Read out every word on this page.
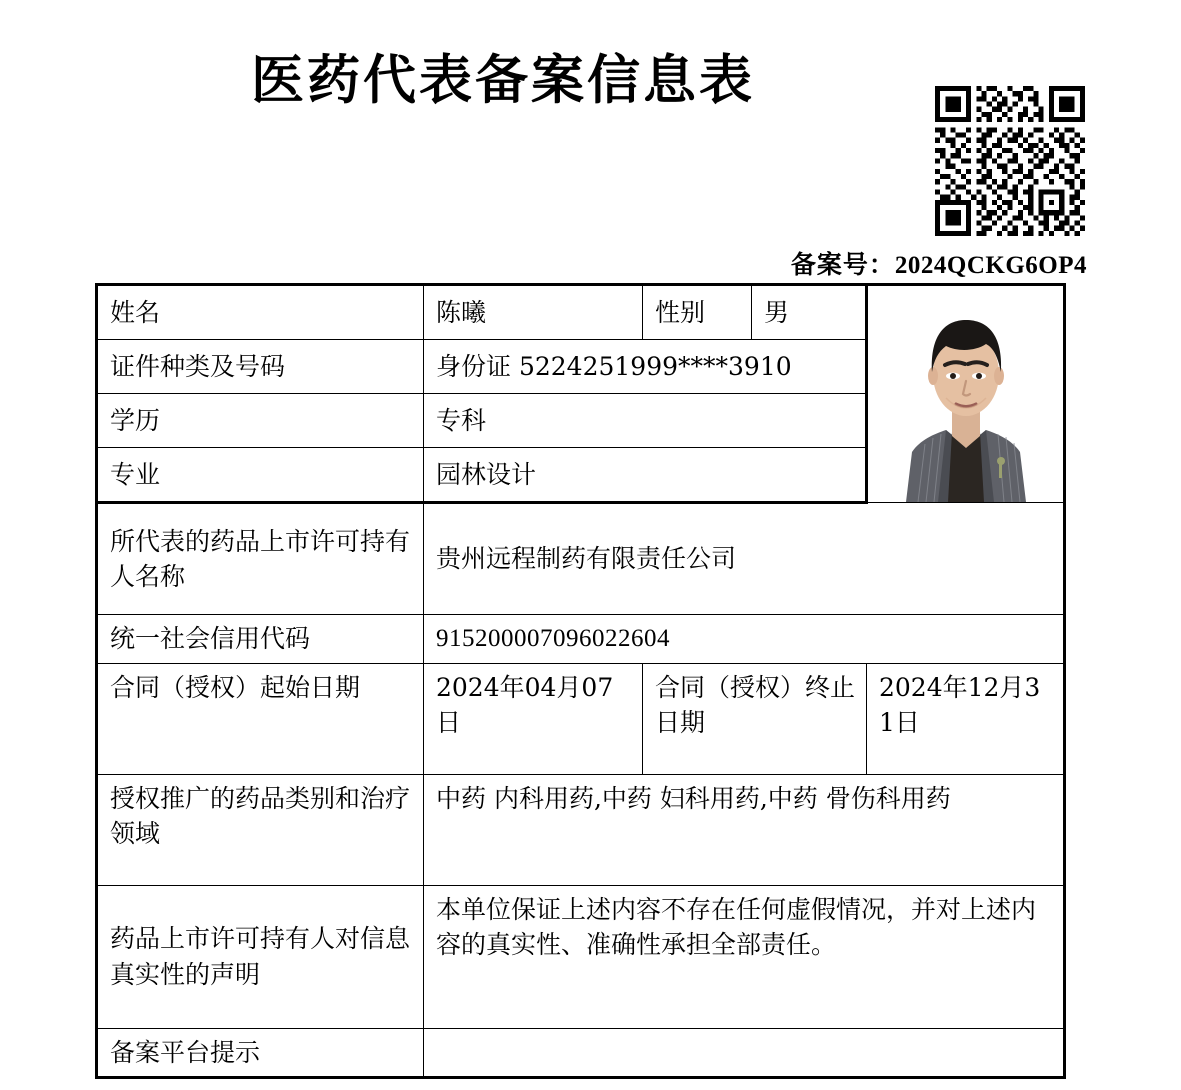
医药代表备案信息表
备案号：2024QCKG6OP4
姓名	陈曦	性别	男	

证件种类及号码	身份证 5224251999****3910			
学历	专科			
专业	园林设计			
所代表的药品上市许可持有人名称	贵州远程制药有限责任公司			
统一社会信用代码	915200007096022604			
合同（授权）起始日期	2024年04月07日	合同（授权）终止日期		2024年12月31日
授权推广的药品类别和治疗领域	中药 内科用药,中药 妇科用药,中药 骨伤科用药			
药品上市许可持有人对信息真实性的声明	本单位保证上述内容不存在任何虚假情况，并对上述内容的真实性、准确性承担全部责任。			
备案平台提示				
